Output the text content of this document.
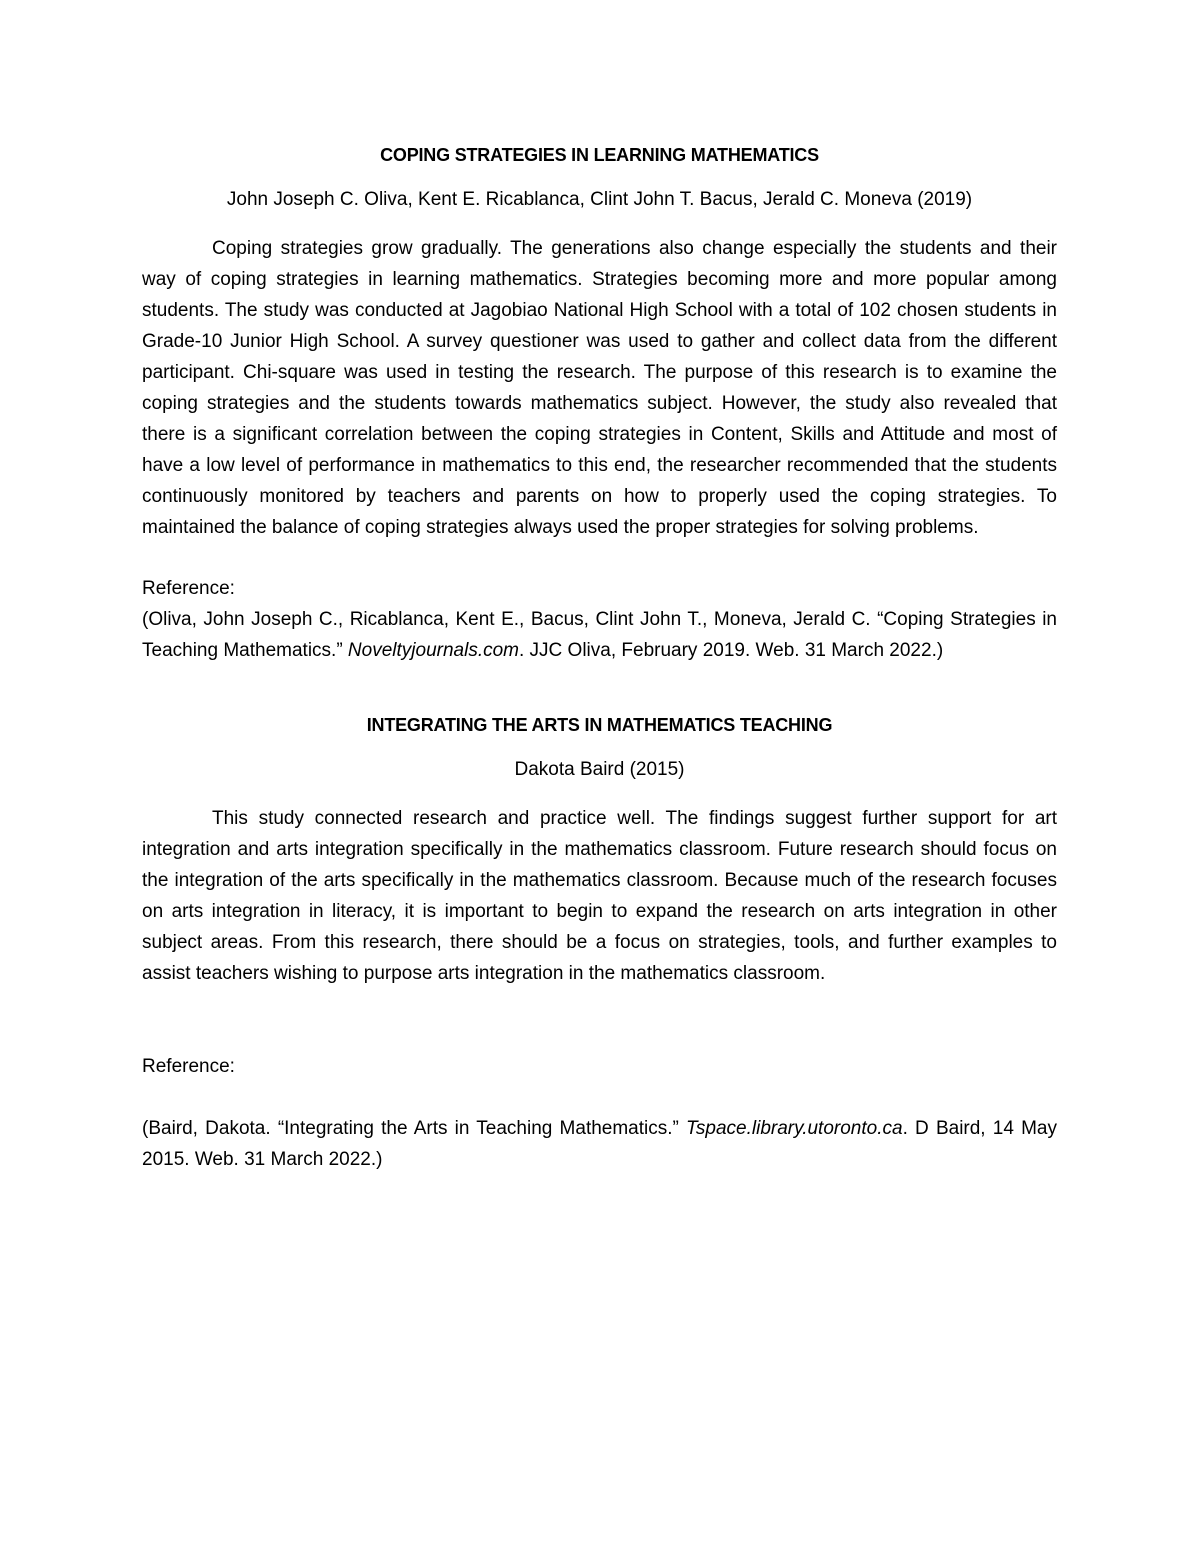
COPING STRATEGIES IN LEARNING MATHEMATICS

John Joseph C. Oliva, Kent E. Ricablanca, Clint John T. Bacus, Jerald C. Moneva (2019)

Coping strategies grow gradually. The generations also change especially the students and their way of coping strategies in learning mathematics. Strategies becoming more and more popular among students. The study was conducted at Jagobiao National High School with a total of 102 chosen students in Grade-10 Junior High School. A survey questioner was used to gather and collect data from the different participant. Chi-square was used in testing the research. The purpose of this research is to examine the coping strategies and the students towards mathematics subject. However, the study also revealed that there is a significant correlation between the coping strategies in Content, Skills and Attitude and most of have a low level of performance in mathematics to this end, the researcher recommended that the students continuously monitored by teachers and parents on how to properly used the coping strategies. To maintained the balance of coping strategies always used the proper strategies for solving problems.

Reference:

(Oliva, John Joseph C., Ricablanca, Kent E., Bacus, Clint John T., Moneva, Jerald C. “Coping Strategies in Teaching Mathematics.” Noveltyjournals.com. JJC Oliva, February 2019. Web. 31 March 2022.)

INTEGRATING THE ARTS IN MATHEMATICS TEACHING

Dakota Baird (2015)

This study connected research and practice well. The findings suggest further support for art integration and arts integration specifically in the mathematics classroom. Future research should focus on the integration of the arts specifically in the mathematics classroom. Because much of the research focuses on arts integration in literacy, it is important to begin to expand the research on arts integration in other subject areas. From this research, there should be a focus on strategies, tools, and further examples to assist teachers wishing to purpose arts integration in the mathematics classroom.

Reference:

(Baird, Dakota. “Integrating the Arts in Teaching Mathematics.” Tspace.library.utoronto.ca. D Baird, 14 May 2015. Web. 31 March 2022.)
